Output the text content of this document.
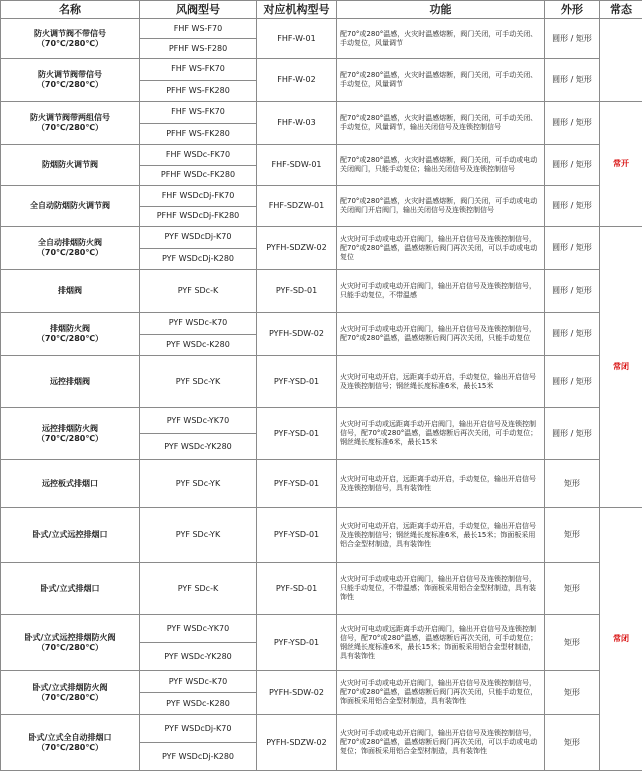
名称	风阀型号	对应机构型号	功能	外形	常态

防火调节阀不带信号
（70℃/280℃）	FHF WS-F70	FHF-W-01	配70°或280°温感，火灾时温感熔断，阀门关闭，可手动关闭、手动复位，风量调节	圆形 / 矩形	
	PFHF WS-F280				

防火调节阀带信号
（70℃/280℃）	FHF WS-FK70	FHF-W-02	配70°或280°温感，火灾时温感熔断，阀门关闭，可手动关闭、手动复位，风量调节	圆形 / 矩形	
	PFHF WS-FK280				

防火调节阀带两组信号
（70℃/280℃）	FHF WS-FK70	FHF-W-03	配70°或280°温感，火灾时温感熔断，阀门关闭，可手动关闭、手动复位，风量调节，输出关闭信号及连锁控制信号	圆形 / 矩形	常开
	PFHF WS-FK280				

防烟防火调节阀	FHF WSDc-FK70	FHF-SDW-01	配70°或280°温感，火灾时温感熔断，阀门关闭，可手动或电动关闭阀门，只能手动复位；输出关闭信号及连锁控制信号	圆形 / 矩形	
	PFHF WSDc-FK280				

全自动防烟防火调节阀	FHF WSDcDj-FK70	FHF-SDZW-01	配70°或280°温感，火灾时温感熔断，阀门关闭，可手动或电动关闭阀门开启阀门，输出关闭信号及连锁控制信号	圆形 / 矩形	
	PFHF WSDcDj-FK280				

全自动排烟防火阀
（70℃/280℃）	PYF WSDcDj-K70	PYFH-SDZW-02	火灾时可手动或电动开启阀门，输出开启信号及连锁控制信号，配70°或280°温感，温感熔断后阀门再次关闭，可以手动或电动复位	圆形 / 矩形	常闭
	PYF WSDcDj-K280				

排烟阀	PYF SDc-K	PYF-SD-01	火灾时可手动或电动开启阀门，输出开启信号及连锁控制信号，只能手动复位，不带温感	圆形 / 矩形	

排烟防火阀
（70℃/280℃）	PYF WSDc-K70	PYFH-SDW-02	火灾时可手动或电动开启阀门，输出开启信号及连锁控制信号，配70°或280°温感，温感熔断后阀门再次关闭，只能手动复位	圆形 / 矩形	
	PYF WSDc-K280				

远控排烟阀	PYF SDc-YK	PYF-YSD-01	火灾时可电动开启，远距离手动开启，手动复位，输出开启信号及连锁控制信号；钢丝绳长度标准6米，最长15米	圆形 / 矩形	

远控排烟防火阀
（70℃/280℃）	PYF WSDc-YK70	PYF-YSD-01	火灾时可手动或远距离手动开启阀门，输出开启信号及连锁控制信号，配70°或280°温感，温感熔断后再次关闭，可手动复位；钢丝绳长度标准6米，最长15米	圆形 / 矩形	
	PYF WSDc-YK280				

远控板式排烟口	PYF SDc-YK	PYF-YSD-01	火灾时可电动开启，远距离手动开启，手动复位，输出开启信号及连锁控制信号，具有装饰性	矩形	

卧式/立式远控排烟口	PYF SDc-YK	PYF-YSD-01	火灾时可电动开启，远距离手动开启，手动复位，输出开启信号及连锁控制信号；钢丝绳长度标准6米，最长15米；饰面板采用铝合金型材制造，具有装饰性	矩形	常闭

卧式/立式排烟口	PYF SDc-K	PYF-SD-01	火灾时可手动或电动开启阀门，输出开启信号及连锁控制信号，只能手动复位，不带温感；饰面板采用铝合金型材制造，具有装饰性	矩形	

卧式/立式远控排烟防火阀
（70℃/280℃）	PYF WSDc-YK70	PYF-YSD-01	火灾时可电动或远距离手动开启阀门，输出开启信号及连锁控制信号，配70°或280°温感，温感熔断后再次关闭，可手动复位；钢丝绳长度标准6米，最长15米；饰面板采用铝合金型材制造，具有装饰性	矩形	
	PYF WSDc-YK280				

卧式/立式排烟防火阀
（70℃/280℃）	PYF WSDc-K70	PYFH-SDW-02	火灾时可手动或电动开启阀门，输出开启信号及连锁控制信号，配70°或280°温感，温感熔断后阀门再次关闭，只能手动复位，饰面板采用铝合金型材制造，具有装饰性	矩形	
	PYF WSDc-K280				

卧式/立式全自动排烟口
（70℃/280℃）	PYF WSDcDj-K70	PYFH-SDZW-02	火灾时可手动或电动开启阀门，输出开启信号及连锁控制信号，配70°或280°温感，温感熔断后阀门再次关闭，可以手动或电动复位；饰面板采用铝合金型材制造，具有装饰性	矩形	
	PYF WSDcDj-K280				
